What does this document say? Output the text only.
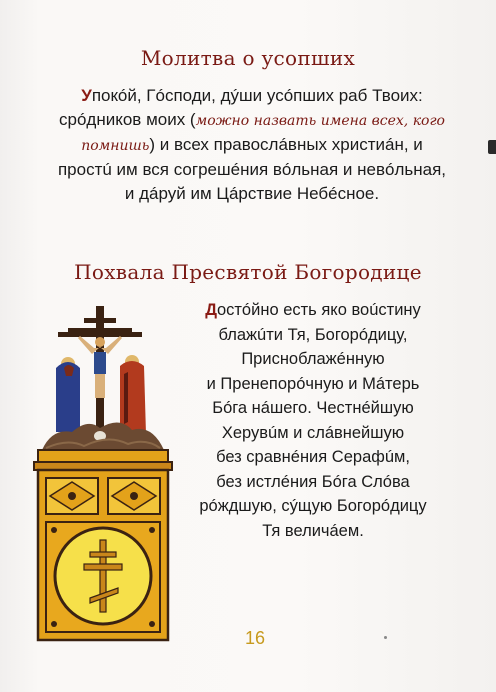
Молитва о усопших
Упокóй, Гóсподи, дýши усóпших раб Твоих: срóдников моих (можно назвать имена всех, кого помнишь) и всех правослáвных христиáн, и простú им вся согрешéния вóльная и невóльная, и дáруй им Цáрствие Небéсное.
Похвала Пресвятой Богородице
Достóйно есть яко воúстину
блажúти Тя, Богорóдицу,
Присноблажéнную
и Пренепорóчную и Мáтерь
Бóга нáшего. Честнéйшую
Херувúм и слáвнейшую
без сравнéния Серафúм,
без истлéния Бóга Слóва
рóждшую, сýщую Богорóдицу
Тя величáем.
16
